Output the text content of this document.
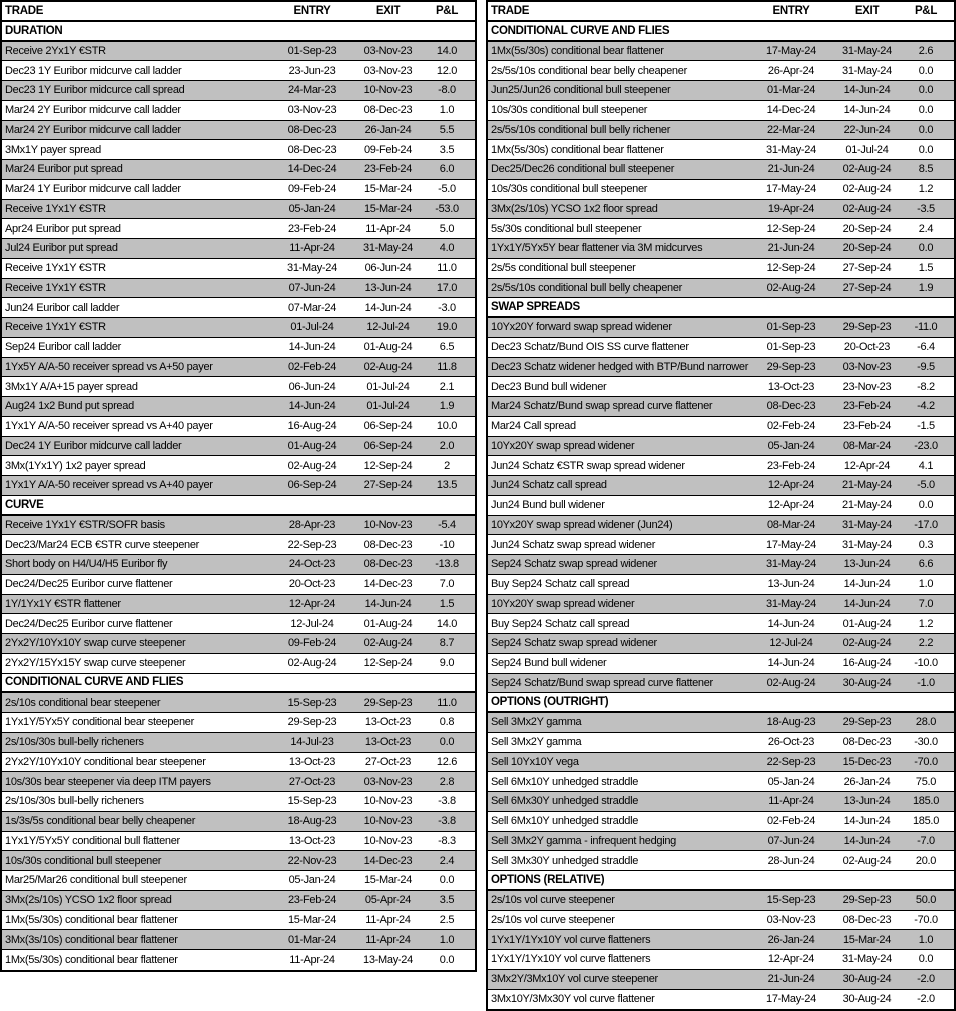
TRADE	ENTRY	EXIT	P&L
DURATION
Receive 2Yx1Y €STR	01-Sep-23	03-Nov-23	14.0
Dec23 1Y Euribor midcurve call ladder	23-Jun-23	03-Nov-23	12.0
Dec23 1Y Euribor midcurce call spread	24-Mar-23	10-Nov-23	-8.0
Mar24 2Y Euribor midcurve call ladder	03-Nov-23	08-Dec-23	1.0
Mar24 2Y Euribor midcurve call ladder	08-Dec-23	26-Jan-24	5.5
3Mx1Y payer spread	08-Dec-23	09-Feb-24	3.5
Mar24 Euribor put spread	14-Dec-24	23-Feb-24	6.0
Mar24 1Y Euribor midcurve call ladder	09-Feb-24	15-Mar-24	-5.0
Receive 1Yx1Y €STR	05-Jan-24	15-Mar-24	-53.0
Apr24 Euribor put spread	23-Feb-24	11-Apr-24	5.0
Jul24 Euribor put spread	11-Apr-24	31-May-24	4.0
Receive 1Yx1Y €STR	31-May-24	06-Jun-24	11.0
Receive 1Yx1Y €STR	07-Jun-24	13-Jun-24	17.0
Jun24 Euribor call ladder	07-Mar-24	14-Jun-24	-3.0
Receive 1Yx1Y €STR	01-Jul-24	12-Jul-24	19.0
Sep24 Euribor call ladder	14-Jun-24	01-Aug-24	6.5
1Yx5Y A/A-50 receiver spread vs A+50 payer	02-Feb-24	02-Aug-24	11.8
3Mx1Y A/A+15 payer spread	06-Jun-24	01-Jul-24	2.1
Aug24 1x2 Bund put spread	14-Jun-24	01-Jul-24	1.9
1Yx1Y A/A-50 receiver spread vs A+40 payer	16-Aug-24	06-Sep-24	10.0
Dec24 1Y Euribor midcurve call ladder	01-Aug-24	06-Sep-24	2.0
3Mx(1Yx1Y) 1x2 payer spread	02-Aug-24	12-Sep-24	2
1Yx1Y A/A-50 receiver spread vs A+40 payer	06-Sep-24	27-Sep-24	13.5
CURVE
Receive 1Yx1Y €STR/SOFR basis	28-Apr-23	10-Nov-23	-5.4
Dec23/Mar24 ECB €STR curve steepener	22-Sep-23	08-Dec-23	-10
Short body on H4/U4/H5 Euribor fly	24-Oct-23	08-Dec-23	-13.8
Dec24/Dec25 Euribor curve flattener	20-Oct-23	14-Dec-23	7.0
1Y/1Yx1Y €STR flattener	12-Apr-24	14-Jun-24	1.5
Dec24/Dec25 Euribor curve flattener	12-Jul-24	01-Aug-24	14.0
2Yx2Y/10Yx10Y swap curve steepener	09-Feb-24	02-Aug-24	8.7
2Yx2Y/15Yx15Y swap curve steepener	02-Aug-24	12-Sep-24	9.0
CONDITIONAL CURVE AND FLIES
2s/10s conditional bear steepener	15-Sep-23	29-Sep-23	11.0
1Yx1Y/5Yx5Y conditional bear steepener	29-Sep-23	13-Oct-23	0.8
2s/10s/30s bull-belly richeners	14-Jul-23	13-Oct-23	0.0
2Yx2Y/10Yx10Y conditional bear steepener	13-Oct-23	27-Oct-23	12.6
10s/30s bear steepener via deep ITM payers	27-Oct-23	03-Nov-23	2.8
2s/10s/30s bull-belly richeners	15-Sep-23	10-Nov-23	-3.8
1s/3s/5s conditional bear belly cheapener	18-Aug-23	10-Nov-23	-3.8
1Yx1Y/5Yx5Y conditional bull flattener	13-Oct-23	10-Nov-23	-8.3
10s/30s conditional bull steepener	22-Nov-23	14-Dec-23	2.4
Mar25/Mar26 conditional bull steepener	05-Jan-24	15-Mar-24	0.0
3Mx(2s/10s) YCSO 1x2 floor spread	23-Feb-24	05-Apr-24	3.5
1Mx(5s/30s) conditional bear flattener	15-Mar-24	11-Apr-24	2.5
3Mx(3s/10s) conditional bear flattener	01-Mar-24	11-Apr-24	1.0
1Mx(5s/30s) conditional bear flattener	11-Apr-24	13-May-24	0.0
TRADE	ENTRY	EXIT	P&L
CONDITIONAL CURVE AND FLIES
1Mx(5s/30s) conditional bear flattener	17-May-24	31-May-24	2.6
2s/5s/10s conditional bear belly cheapener	26-Apr-24	31-May-24	0.0
Jun25/Jun26 conditional bull steepener	01-Mar-24	14-Jun-24	0.0
10s/30s conditional bull steepener	14-Dec-24	14-Jun-24	0.0
2s/5s/10s conditional bull belly richener	22-Mar-24	22-Jun-24	0.0
1Mx(5s/30s) conditional bear flattener	31-May-24	01-Jul-24	0.0
Dec25/Dec26 conditional bull steepener	21-Jun-24	02-Aug-24	8.5
10s/30s conditional bull steepener	17-May-24	02-Aug-24	1.2
3Mx(2s/10s) YCSO 1x2 floor spread	19-Apr-24	02-Aug-24	-3.5
5s/30s conditional bull steepener	12-Sep-24	20-Sep-24	2.4
1Yx1Y/5Yx5Y bear flattener via 3M midcurves	21-Jun-24	20-Sep-24	0.0
2s/5s conditional bull steepener	12-Sep-24	27-Sep-24	1.5
2s/5s/10s conditional bull belly cheapener	02-Aug-24	27-Sep-24	1.9
SWAP SPREADS
10Yx20Y forward swap spread widener	01-Sep-23	29-Sep-23	-11.0
Dec23 Schatz/Bund OIS SS curve flattener	01-Sep-23	20-Oct-23	-6.4
Dec23 Schatz widener hedged with BTP/Bund narrower	29-Sep-23	03-Nov-23	-9.5
Dec23 Bund bull widener	13-Oct-23	23-Nov-23	-8.2
Mar24 Schatz/Bund swap spread curve flattener	08-Dec-23	23-Feb-24	-4.2
Mar24 Call spread	02-Feb-24	23-Feb-24	-1.5
10Yx20Y swap spread widener	05-Jan-24	08-Mar-24	-23.0
Jun24 Schatz €STR swap spread widener	23-Feb-24	12-Apr-24	4.1
Jun24 Schatz call spread	12-Apr-24	21-May-24	-5.0
Jun24 Bund bull widener	12-Apr-24	21-May-24	0.0
10Yx20Y swap spread widener (Jun24)	08-Mar-24	31-May-24	-17.0
Jun24 Schatz swap spread widener	17-May-24	31-May-24	0.3
Sep24 Schatz swap spread widener	31-May-24	13-Jun-24	6.6
Buy Sep24 Schatz call spread	13-Jun-24	14-Jun-24	1.0
10Yx20Y swap spread widener	31-May-24	14-Jun-24	7.0
Buy Sep24 Schatz call spread	14-Jun-24	01-Aug-24	1.2
Sep24 Schatz swap spread widener	12-Jul-24	02-Aug-24	2.2
Sep24 Bund bull widener	14-Jun-24	16-Aug-24	-10.0
Sep24 Schatz/Bund swap spread curve flattener	02-Aug-24	30-Aug-24	-1.0
OPTIONS (OUTRIGHT)
Sell 3Mx2Y gamma	18-Aug-23	29-Sep-23	28.0
Sell 3Mx2Y gamma	26-Oct-23	08-Dec-23	-30.0
Sell 10Yx10Y vega	22-Sep-23	15-Dec-23	-70.0
Sell 6Mx10Y unhedged straddle	05-Jan-24	26-Jan-24	75.0
Sell 6Mx30Y unhedged straddle	11-Apr-24	13-Jun-24	185.0
Sell 6Mx10Y unhedged straddle	02-Feb-24	14-Jun-24	185.0
Sell 3Mx2Y gamma - infrequent hedging	07-Jun-24	14-Jun-24	-7.0
Sell 3Mx30Y unhedged straddle	28-Jun-24	02-Aug-24	20.0
OPTIONS (RELATIVE)
2s/10s vol curve steepener	15-Sep-23	29-Sep-23	50.0
2s/10s vol curve steepener	03-Nov-23	08-Dec-23	-70.0
1Yx1Y/1Yx10Y vol curve flatteners	26-Jan-24	15-Mar-24	1.0
1Yx1Y/1Yx10Y vol curve flatteners	12-Apr-24	31-May-24	0.0
3Mx2Y/3Mx10Y vol curve steepener	21-Jun-24	30-Aug-24	-2.0
3Mx10Y/3Mx30Y vol curve flattener	17-May-24	30-Aug-24	-2.0
